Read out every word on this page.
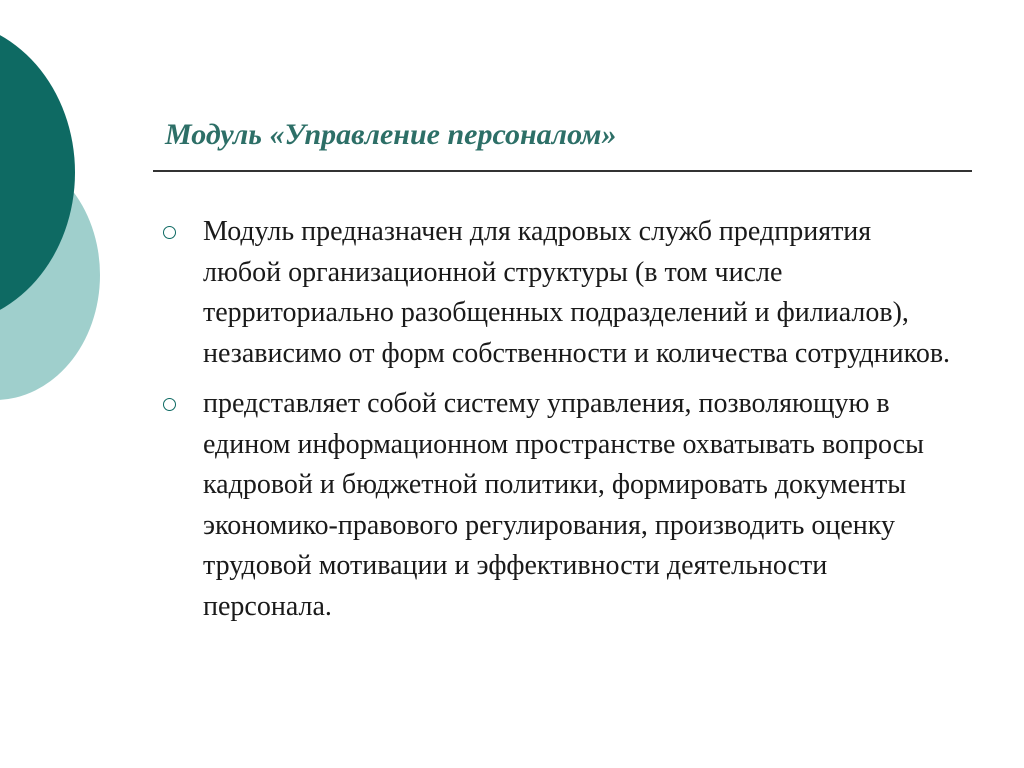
Модуль «Управление персоналом»
Модуль предназначен для кадровых служб предприятия любой организационной структуры (в том числе территориально разобщенных подразделений и филиалов), независимо от форм собственности и количества сотрудников.
представляет собой систему управления, позволяющую в едином информационном пространстве охватывать вопросы кадровой и бюджетной политики, формировать документы экономико-правового регулирования, производить оценку трудовой мотивации и эффективности деятельности персонала.
